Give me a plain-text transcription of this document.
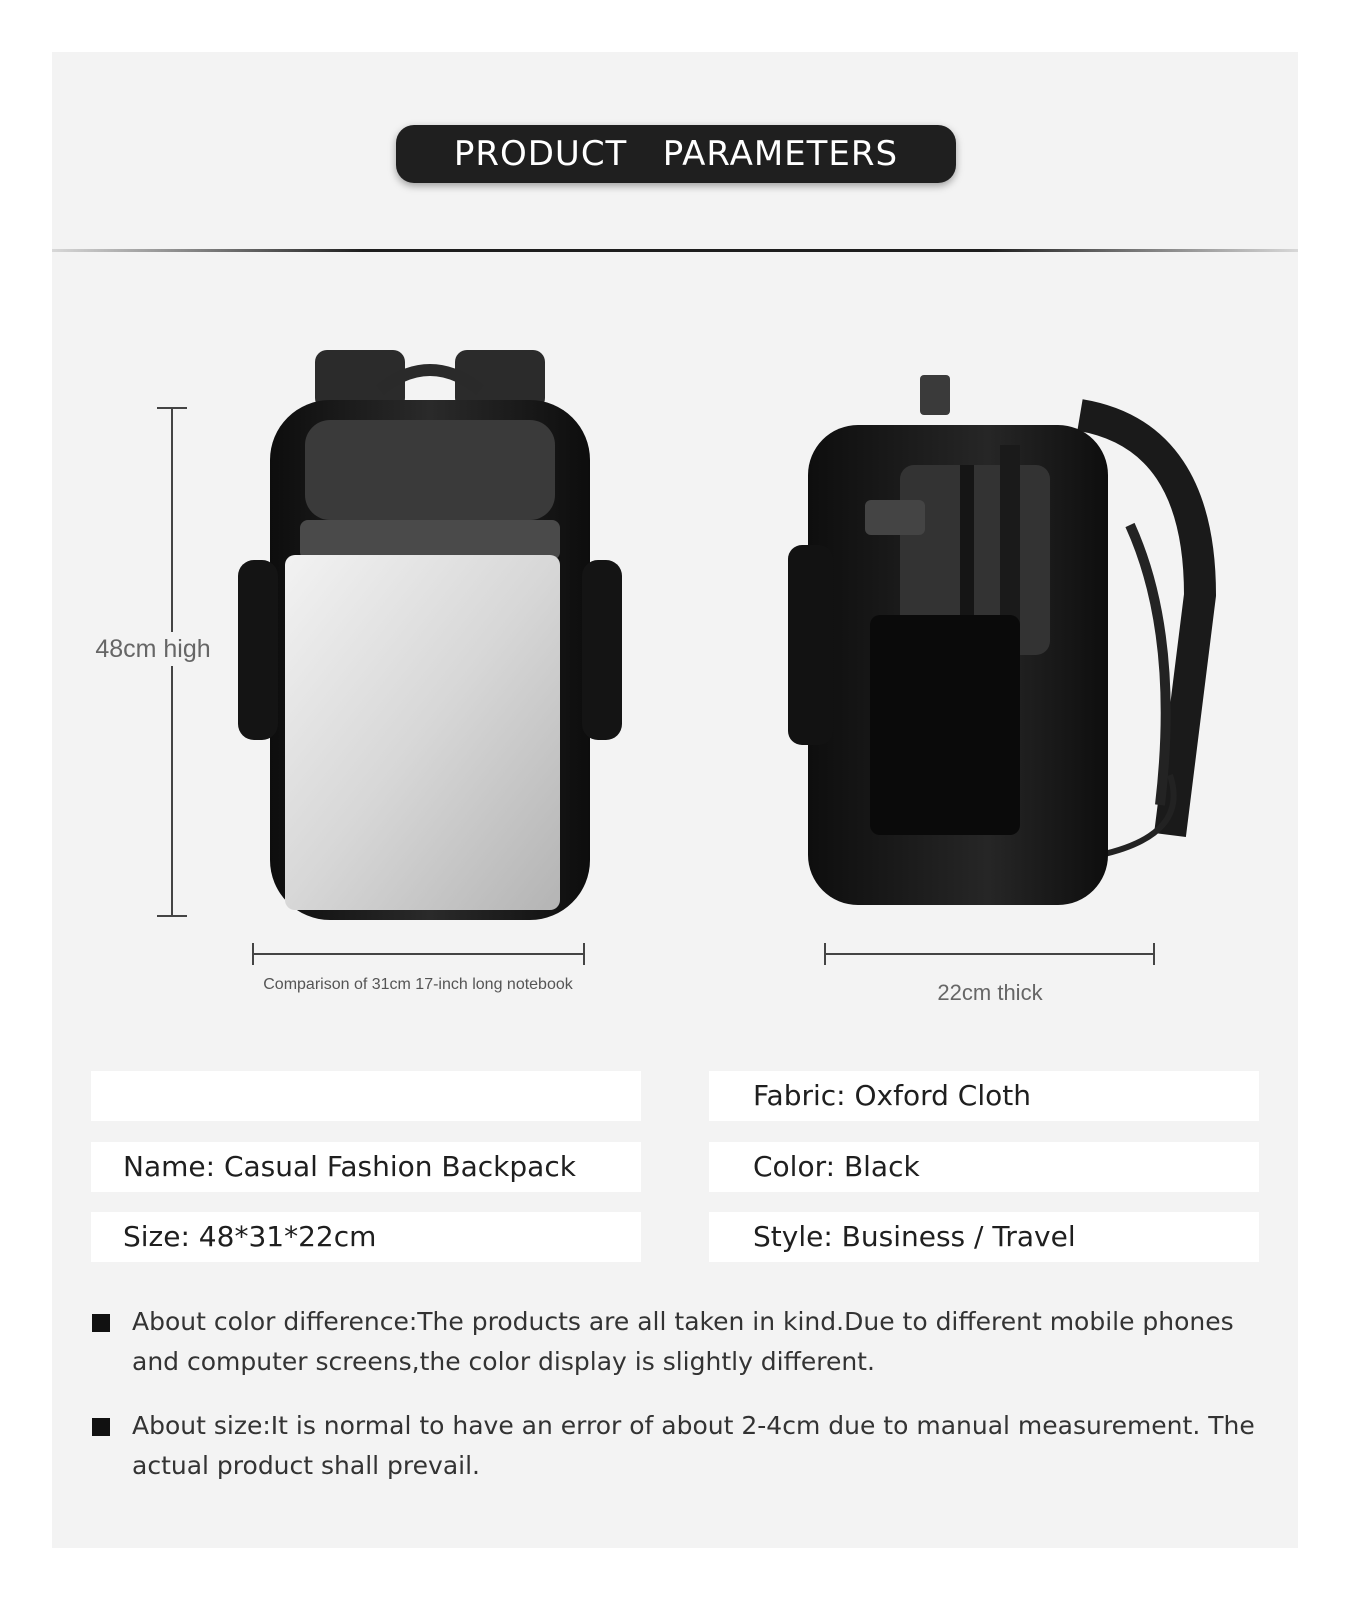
PRODUCT   PARAMETERS
48cm high
Comparison of 31cm 17-inch long notebook	22cm thick
Name: Casual Fashion Backpack
Size: 48*31*22cm
Fabric: Oxford Cloth
Color: Black
Style: Business / Travel
About color difference:The products are all taken in kind.Due to different mobile phones and computer screens,the color display is slightly different.
About size:It is normal to have an error of about 2-4cm due to manual measurement. The actual product shall prevail.
